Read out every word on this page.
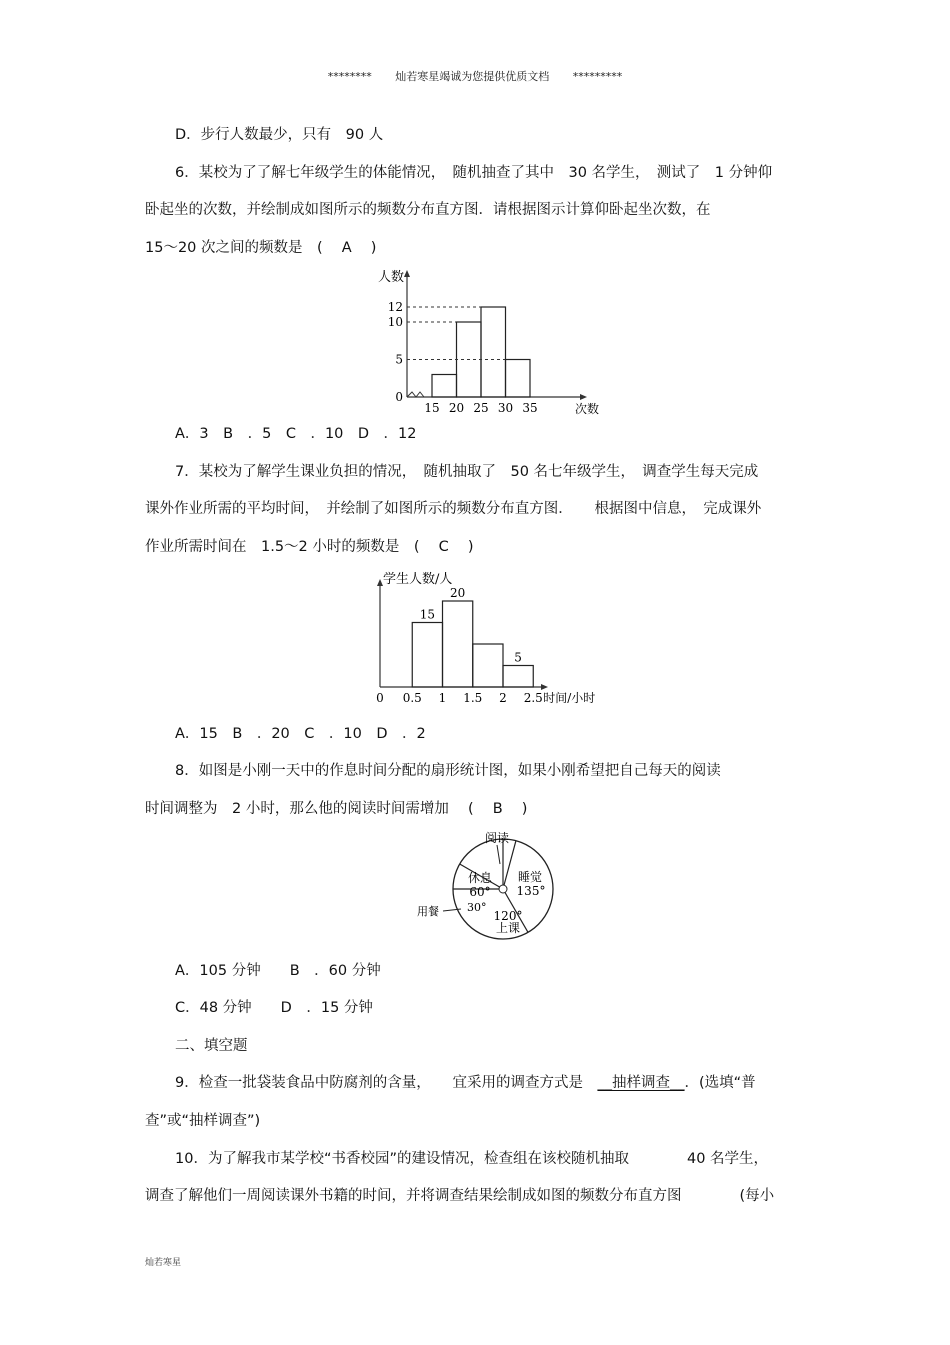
******** 灿若寒星竭诚为您提供优质文档 *********
D．步行人数最少，只有　90 人
6．某校为了了解七年级学生的体能情况，　随机抽查了其中　30 名学生，　测试了　1 分钟仰
卧起坐的次数，并绘制成如图所示的频数分布直方图．请根据图示计算仰卧起坐次数，在
15～20 次之间的频数是　(　 A　 )
人数
次数
0
5
10
12
15 20 25 30 35
A．3　B　．5　C　．10　D　．12
7．某校为了解学生课业负担的情况，　随机抽取了　50 名七年级学生，　调查学生每天完成
课外作业所需的平均时间，　并绘制了如图所示的频数分布直方图．　　根据图中信息，　完成课外
作业所需时间在　1.5～2 小时的频数是　(　 C　 )
学生人数/人
15
20
5
0 0.5 1 1.5 2 2.5 时间/小时
A．15　B　．20　C　．10　D　．2
8．如图是小刚一天中的作息时间分配的扇形统计图，如果小刚希望把自己每天的阅读
时间调整为　2 小时，那么他的阅读时间需增加　 (　 B　 )
睡觉
135°
120°
上课
用餐	30°
休息
60°
阅读
A．105 分钟　　B　．60 分钟
C．48 分钟　　D　．15 分钟
二、填空题
9．检查一批袋装食品中防腐剂的含量，　　宜采用的调查方式是　__抽样调查__．(选填“普
查”或“抽样调查”)
10．为了解我市某学校“书香校园”的建设情况，检查组在该校随机抽取　　　　40 名学生，
调查了解他们一周阅读课外书籍的时间，并将调查结果绘制成如图的频数分布直方图　　　　(每小
灿若寒星
